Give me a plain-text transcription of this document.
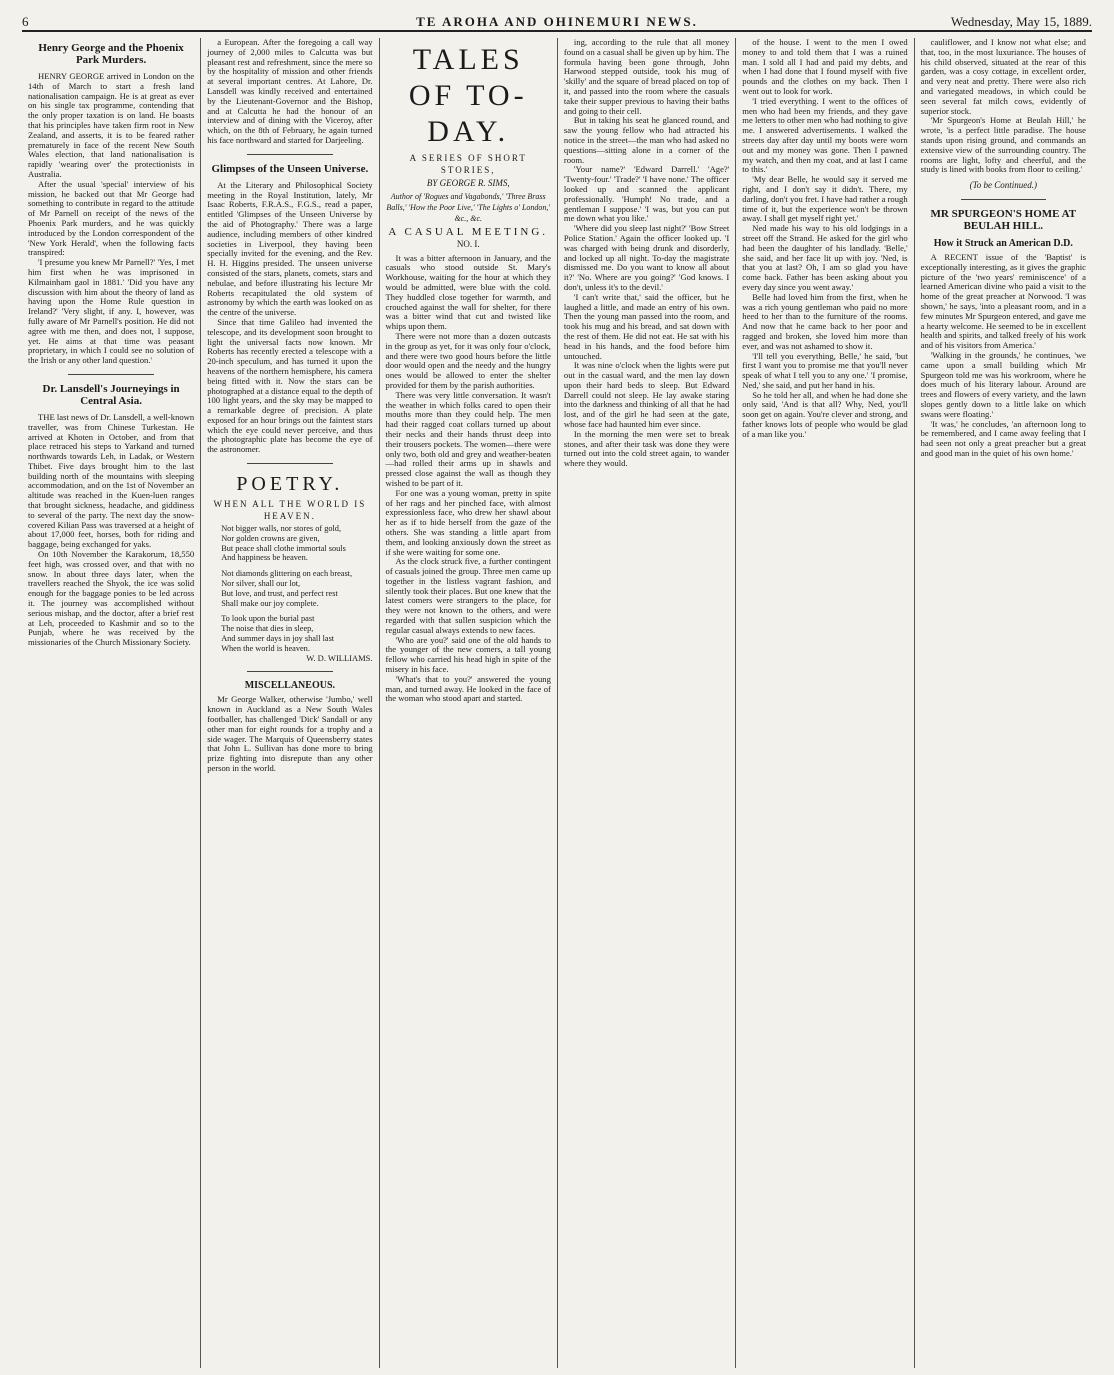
6	TE AROHA AND OHINEMURI NEWS.	Wednesday, May 15, 1889.
Henry George and the Phoenix Park Murders.

HENRY GEORGE arrived in London on the 14th of March to start a fresh land nationalisation campaign. He is at great as ever on his single tax programme, contending that the only proper taxation is on land. He boasts that his principles have taken firm root in New Zealand, and asserts, it is to be feared rather prematurely in face of the recent New South Wales election, that land nationalisation is rapidly 'wearing over' the protectionists in Australia.

After the usual 'special' interview of his mission, he backed out that Mr George had something to contribute in regard to the attitude of Mr Parnell on receipt of the news of the Phoenix Park murders, and he was quickly introduced by the London correspondent of the 'New York Herald', when the following facts transpired:

'I presume you knew Mr Parnell?' 'Yes, I met him first when he was imprisoned in Kilmainham gaol in 1881.' 'Did you have any discussion with him about the theory of land as having upon the Home Rule question in Ireland?' 'Very slight, if any. I, however, was fully aware of Mr Parnell's position. He did not agree with me then, and does not, I suppose, yet. He aims at that time was peasant proprietary, in which I could see no solution of the Irish or any other land question.'

Dr. Lansdell's Journeyings in Central Asia.

THE last news of Dr. Lansdell, a well-known traveller, was from Chinese Turkestan. He arrived at Khoten in October, and from that place retraced his steps to Yarkand and turned northwards towards Leh, in Ladak, or Western Thibet. Five days brought him to the last building north of the mountains with sleeping accommodation, and on the 1st of November an altitude was reached in the Kuen-luen ranges that brought sickness, headache, and giddiness to several of the party. The next day the snow-covered Kilian Pass was traversed at a height of about 17,000 feet, horses, both for riding and baggage, being exchanged for yaks.

On 10th November the Karakorum, 18,550 feet high, was crossed over, and that with no snow. In about three days later, when the travellers reached the Shyok, the ice was solid enough for the baggage ponies to be led across it. The journey was accomplished without serious mishap, and the doctor, after a brief rest at Leh, proceeded to Kashmir and so to the Punjab, where he was received by the missionaries of the Church Missionary Society.

a European. After the foregoing a call way journey of 2,000 miles to Calcutta was but pleasant rest and refreshment, since the mere so by the hospitality of mission and other friends at several important centres. At Lahore, Dr. Lansdell was kindly received and entertained by the Lieutenant-Governor and the Bishop, and at Calcutta he had the honour of an interview and of dining with the Viceroy, after which, on the 8th of February, he again turned his face northward and started for Darjeeling.

Glimpses of the Unseen Universe.

At the Literary and Philosophical Society meeting in the Royal Institution, lately, Mr Isaac Roberts, F.R.A.S., F.G.S., read a paper, entitled 'Glimpses of the Unseen Universe by the aid of Photography.' There was a large audience, including members of other kindred societies in Liverpool, they having been specially invited for the evening, and the Rev. H. H. Higgins presided. The unseen universe consisted of the stars, planets, comets, stars and nebulae, and before illustrating his lecture Mr Roberts recapitulated the old system of astronomy by which the earth was looked on as the centre of the universe.

Since that time Galileo had invented the telescope, and its development soon brought to light the universal facts now known. Mr Roberts has recently erected a telescope with a 20-inch speculum, and has turned it upon the heavens of the northern hemisphere, his camera being fitted with it. Now the stars can be photographed at a distance equal to the depth of 100 light years, and the sky may be mapped to a remarkable degree of precision. A plate exposed for an hour brings out the faintest stars which the eye could never perceive, and thus the photographic plate has become the eye of the astronomer.

POETRY.
WHEN ALL THE WORLD IS HEAVEN.

Not bigger walls, nor stores of gold,

Nor golden crowns are given,

But peace shall clothe immortal souls

And happiness be heaven.

Not diamonds glittering on each breast,

Nor silver, shall our lot,

But love, and trust, and perfect rest

Shall make our joy complete.

To look upon the burial past

The noise that dies in sleep,

And summer days in joy shall last

When the world is heaven.

W. D. WILLIAMS.
MISCELLANEOUS.

Mr George Walker, otherwise 'Jumbo,' well known in Auckland as a New South Wales footballer, has challenged 'Dick' Sandall or any other man for eight rounds for a trophy and a side wager. The Marquis of Queensberry states that John L. Sullivan has done more to bring prize fighting into disrepute than any other person in the world.

TALES OF TO-DAY.
A SERIES OF SHORT STORIES,
BY GEORGE R. SIMS,
Author of 'Rogues and Vagabonds,' 'Three Brass Balls,' 'How the Poor Live,' 'The Lights o' London,' &c., &c.
A CASUAL MEETING.
NO. I.

It was a bitter afternoon in January, and the casuals who stood outside St. Mary's Workhouse, waiting for the hour at which they would be admitted, were blue with the cold. They huddled close together for warmth, and crouched against the wall for shelter, for there was a bitter wind that cut and twisted like whips upon them.

There were not more than a dozen outcasts in the group as yet, for it was only four o'clock, and there were two good hours before the little door would open and the needy and the hungry ones would be allowed to enter the shelter provided for them by the parish authorities.

There was very little conversation. It wasn't the weather in which folks cared to open their mouths more than they could help. The men had their ragged coat collars turned up about their necks and their hands thrust deep into their trousers pockets. The women—there were only two, both old and grey and weather-beaten—had rolled their arms up in shawls and pressed close against the wall as though they wished to be part of it.

For one was a young woman, pretty in spite of her rags and her pinched face, with almost expressionless face, who drew her shawl about her as if to hide herself from the gaze of the others. She was standing a little apart from them, and looking anxiously down the street as if she were waiting for some one.

As the clock struck five, a further contingent of casuals joined the group. Three men came up together in the listless vagrant fashion, and silently took their places. But one knew that the latest comers were strangers to the place, for they were not known to the others, and were regarded with that sullen suspicion which the regular casual always extends to new faces.

'Who are you?' said one of the old hands to the younger of the new comers, a tall young fellow who carried his head high in spite of the misery in his face.

'What's that to you?' answered the young man, and turned away. He looked in the face of the woman who stood apart and started.

ing, according to the rule that all money found on a casual shall be given up by him. The formula having been gone through, John Harwood stepped outside, took his mug of 'skilly' and the square of bread placed on top of it, and passed into the room where the casuals take their supper previous to having their baths and going to their cell.

But in taking his seat he glanced round, and saw the young fellow who had attracted his notice in the street—the man who had asked no questions—sitting alone in a corner of the room.

'Your name?' 'Edward Darrell.' 'Age?' 'Twenty-four.' 'Trade?' 'I have none.' The officer looked up and scanned the applicant professionally. 'Humph! No trade, and a gentleman I suppose.' 'I was, but you can put me down what you like.'

'Where did you sleep last night?' 'Bow Street Police Station.' Again the officer looked up. 'I was charged with being drunk and disorderly, and locked up all night. To-day the magistrate dismissed me. Do you want to know all about it?' 'No. Where are you going?' 'God knows. I don't, unless it's to the devil.'

'I can't write that,' said the officer, but he laughed a little, and made an entry of his own. Then the young man passed into the room, and took his mug and his bread, and sat down with the rest of them. He did not eat. He sat with his head in his hands, and the food before him untouched.

It was nine o'clock when the lights were put out in the casual ward, and the men lay down upon their hard beds to sleep. But Edward Darrell could not sleep. He lay awake staring into the darkness and thinking of all that he had lost, and of the girl he had seen at the gate, whose face had haunted him ever since.

In the morning the men were set to break stones, and after their task was done they were turned out into the cold street again, to wander where they would.

of the house. I went to the men I owed money to and told them that I was a ruined man. I sold all I had and paid my debts, and when I had done that I found myself with five pounds and the clothes on my back. Then I went out to look for work.

'I tried everything. I went to the offices of men who had been my friends, and they gave me letters to other men who had nothing to give me. I answered advertisements. I walked the streets day after day until my boots were worn out and my money was gone. Then I pawned my watch, and then my coat, and at last I came to this.'

'My dear Belle, he would say it served me right, and I don't say it didn't. There, my darling, don't you fret. I have had rather a rough time of it, but the experience won't be thrown away. I shall get myself right yet.'

Ned made his way to his old lodgings in a street off the Strand. He asked for the girl who had been the daughter of his landlady. 'Belle,' she said, and her face lit up with joy. 'Ned, is that you at last? Oh, I am so glad you have come back. Father has been asking about you every day since you went away.'

Belle had loved him from the first, when he was a rich young gentleman who paid no more heed to her than to the furniture of the rooms. And now that he came back to her poor and ragged and broken, she loved him more than ever, and was not ashamed to show it.

'I'll tell you everything, Belle,' he said, 'but first I want you to promise me that you'll never speak of what I tell you to any one.' 'I promise, Ned,' she said, and put her hand in his.

So he told her all, and when he had done she only said, 'And is that all? Why, Ned, you'll soon get on again. You're clever and strong, and father knows lots of people who would be glad of a man like you.'

cauliflower, and I know not what else; and that, too, in the most luxuriance. The houses of his child observed, situated at the rear of this garden, was a cosy cottage, in excellent order, and very neat and pretty. There were also rich and variegated meadows, in which could be seen several fat milch cows, evidently of superior stock.

'Mr Spurgeon's Home at Beulah Hill,' he wrote, 'is a perfect little paradise. The house stands upon rising ground, and commands an extensive view of the surrounding country. The rooms are light, lofty and cheerful, and the study is lined with books from floor to ceiling.'

(To be Continued.)
MR SPURGEON'S HOME AT BEULAH HILL.
How it Struck an American D.D.

A RECENT issue of the 'Baptist' is exceptionally interesting, as it gives the graphic picture of the 'two years' reminiscence' of a learned American divine who paid a visit to the home of the great preacher at Norwood. 'I was shown,' he says, 'into a pleasant room, and in a few minutes Mr Spurgeon entered, and gave me a hearty welcome. He seemed to be in excellent health and spirits, and talked freely of his work and of his visitors from America.'

'Walking in the grounds,' he continues, 'we came upon a small building which Mr Spurgeon told me was his workroom, where he does much of his literary labour. Around are trees and flowers of every variety, and the lawn slopes gently down to a little lake on which swans were floating.'

'It was,' he concludes, 'an afternoon long to be remembered, and I came away feeling that I had seen not only a great preacher but a great and good man in the quiet of his own home.'
